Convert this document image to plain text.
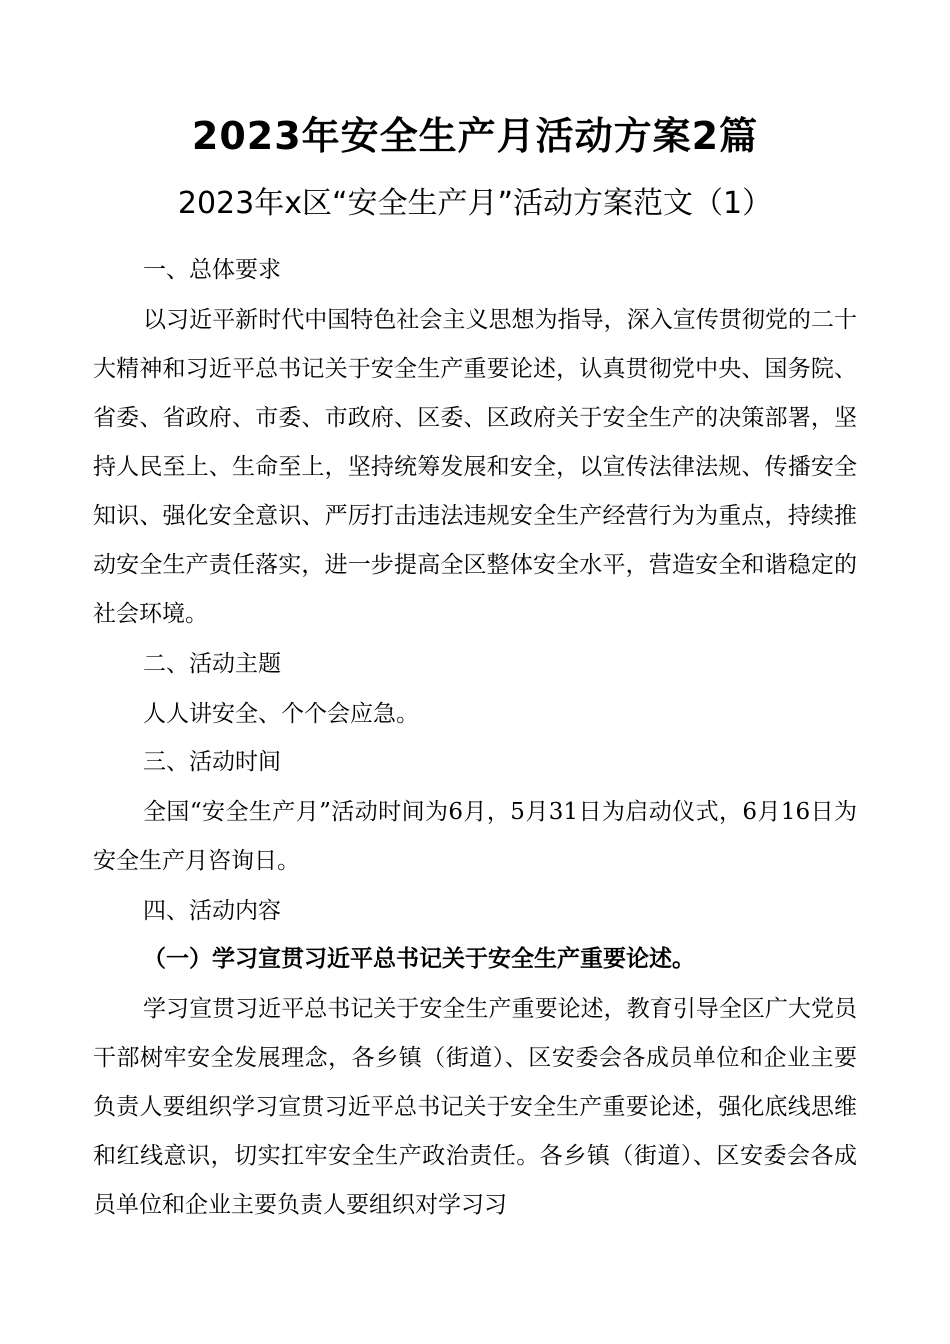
2023年安全生产月活动方案2篇
2023年x区“安全生产月”活动方案范文（1）
一、总体要求
以习近平新时代中国特色社会主义思想为指导，深入宣传贯彻党的二十大精神和习近平总书记关于安全生产重要论述，认真贯彻党中央、国务院、省委、省政府、市委、市政府、区委、区政府关于安全生产的决策部署，坚持人民至上、生命至上，坚持统筹发展和安全，以宣传法律法规、传播安全知识、强化安全意识、严厉打击违法违规安全生产经营行为为重点，持续推动安全生产责任落实，进一步提高全区整体安全水平，营造安全和谐稳定的社会环境。
二、活动主题
人人讲安全、个个会应急。
三、活动时间
全国“安全生产月”活动时间为6月，5月31日为启动仪式，6月16日为安全生产月咨询日。
四、活动内容
（一）学习宣贯习近平总书记关于安全生产重要论述。
学习宣贯习近平总书记关于安全生产重要论述，教育引导全区广大党员干部树牢安全发展理念，各乡镇（街道）、区安委会各成员单位和企业主要负责人要组织学习宣贯习近平总书记关于安全生产重要论述，强化底线思维和红线意识，切实扛牢安全生产政治责任。各乡镇（街道）、区安委会各成员单位和企业主要负责人要组织对学习习
